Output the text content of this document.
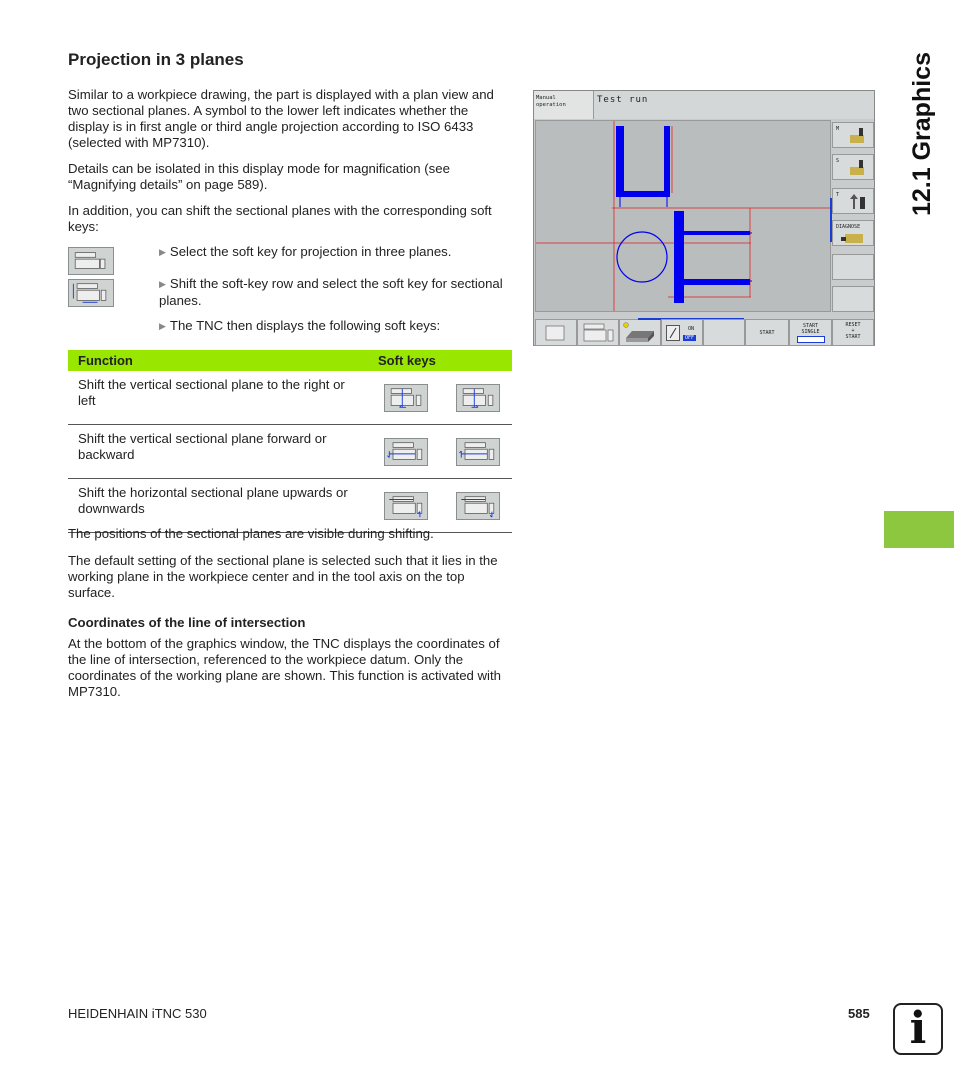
12.1 Graphics
Projection in 3 planes

Similar to a workpiece drawing, the part is displayed with a plan view and two sectional planes. A symbol to the lower left indicates whether the display is in first angle or third angle projection according to ISO 6433 (selected with MP7310).

Details can be isolated in this display mode for magnification (see “Magnifying details” on page 589).

In addition, you can shift the sectional planes with the corresponding soft keys:

▶ Select the soft key for projection in three planes.
▶ Shift the soft-key row and select the soft key for sectional planes.
▶ The TNC then displays the following soft keys:
Function	Soft keys	
Shift the vertical sectional plane to the right or left	

Shift the vertical sectional plane forward or backward	

Shift the horizontal sectional plane upwards or downwards	

The positions of the sectional planes are visible during shifting.

The default setting of the sectional plane is selected such that it lies in the working plane in the workpiece center and in the tool axis on the top surface.

Coordinates of the line of intersection

At the bottom of the graphics window, the TNC displays the coordinates of the line of intersection, referenced to the workpiece datum. Only the coordinates of the working plane are shown. This function is activated with MP7310.

Manual
operation	Test run
M
S
T
DIAGNOSE
ON
OFF
START
START
SINGLE
RESET
+
START
HEIDENHAIN iTNC 530	585 i
